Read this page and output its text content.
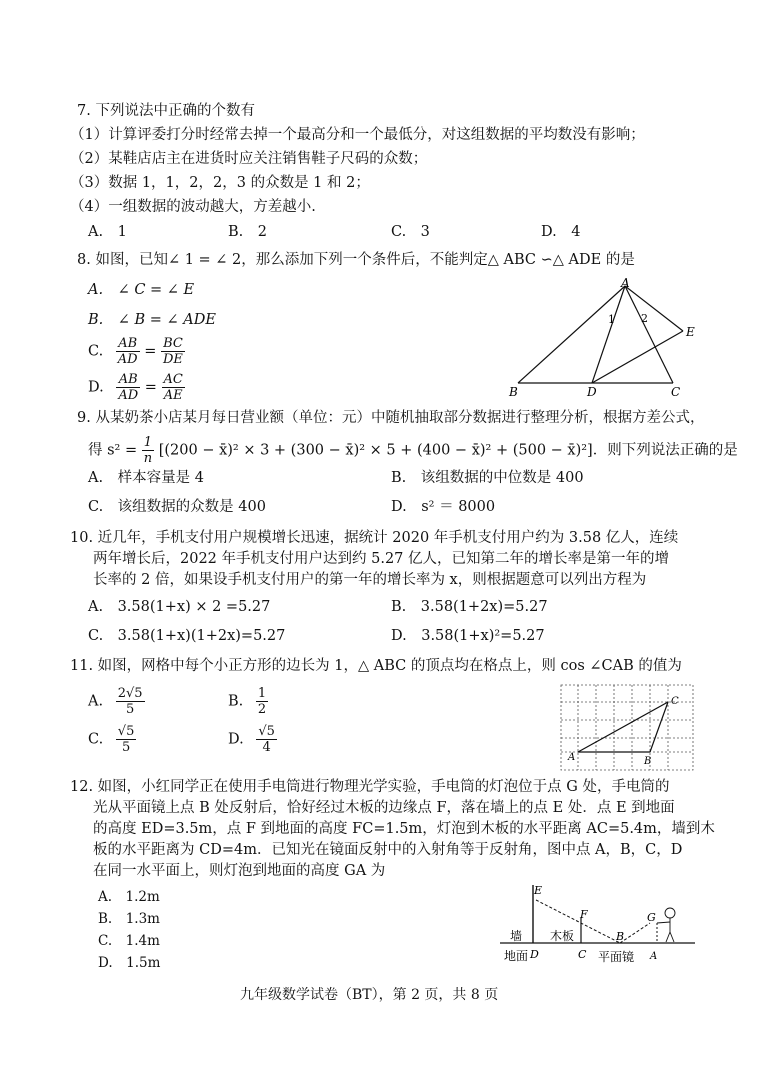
7. 下列说法中正确的个数有
（1）计算评委打分时经常去掉一个最高分和一个最低分，对这组数据的平均数没有影响；
（2）某鞋店店主在进货时应关注销售鞋子尺码的众数；
（3）数据 1，1，2，2，3 的众数是 1 和 2；
（4）一组数据的波动越大，方差越小.
A.　1	B.　2	C.　3	D.　4
8. 如图，已知∠ 1 = ∠ 2，那么添加下列一个条件后，不能判定△ ABC ∽△ ADE 的是
A.　∠ C = ∠ E
B.　∠ B = ∠ ADE
C. $\frac{AB}{AD} = \frac{BC}{DE}$
D. $\frac{AB}{AD} = \frac{AC}{AE}$
A
B	C
D
E
1 2
9. 从某奶茶小店某月每日营业额（单位：元）中随机抽取部分数据进行整理分析，根据方差公式，
得 $s^2 = \frac{1}{n} [(200$ − x̄)² × 3 + (300 − x̄)² × 5 + (400 − x̄)² + (500 − x̄)²]．则下列说法正确的是
A.　样本容量是 4	B.　该组数据的中位数是 400
C.　该组数据的众数是 400	D.　s² ＝ 8000
10. 近几年，手机支付用户规模增长迅速，据统计 2020 年手机支付用户约为 3.58 亿人，连续
两年增长后，2022 年手机支付用户达到约 5.27 亿人，已知第二年的增长率是第一年的增
长率的 2 倍，如果设手机支付用户的第一年的增长率为 x，则根据题意可以列出方程为
A.　3.58(1+x) × 2 =5.27	B.　3.58(1+2x)=5.27
C.　3.58(1+x)(1+2x)=5.27	D.　3.58(1+x)²=5.27
11. 如图，网格中每个小正方形的边长为 1，△ ABC 的顶点均在格点上，则 cos ∠CAB 的值为
A. $\frac{2√5}{5}$	B. $\frac{1}{2}$
C. $\frac{√5}{5}$	D. $\frac{√5}{4}$
A	B
C
12. 如图，小红同学正在使用手电筒进行物理光学实验，手电筒的灯泡位于点 G 处，手电筒的
光从平面镜上点 B 处反射后，恰好经过木板的边缘点 F，落在墙上的点 E 处．点 E 到地面
的高度 ED=3.5m，点 F 到地面的高度 FC=1.5m，灯泡到木板的水平距离 AC=5.4m，墙到木
板的水平距离为 CD=4m．已知光在镜面反射中的入射角等于反射角，图中点 A，B，C，D
在同一水平面上，则灯泡到地面的高度 GA 为
A.　1.2m
B.　1.3m
C.　1.4m
D.　1.5m
E
F	G
B
D	C	A
墙 木板
地面	平面镜
九年级数学试卷（BT），第 2 页，共 8 页
